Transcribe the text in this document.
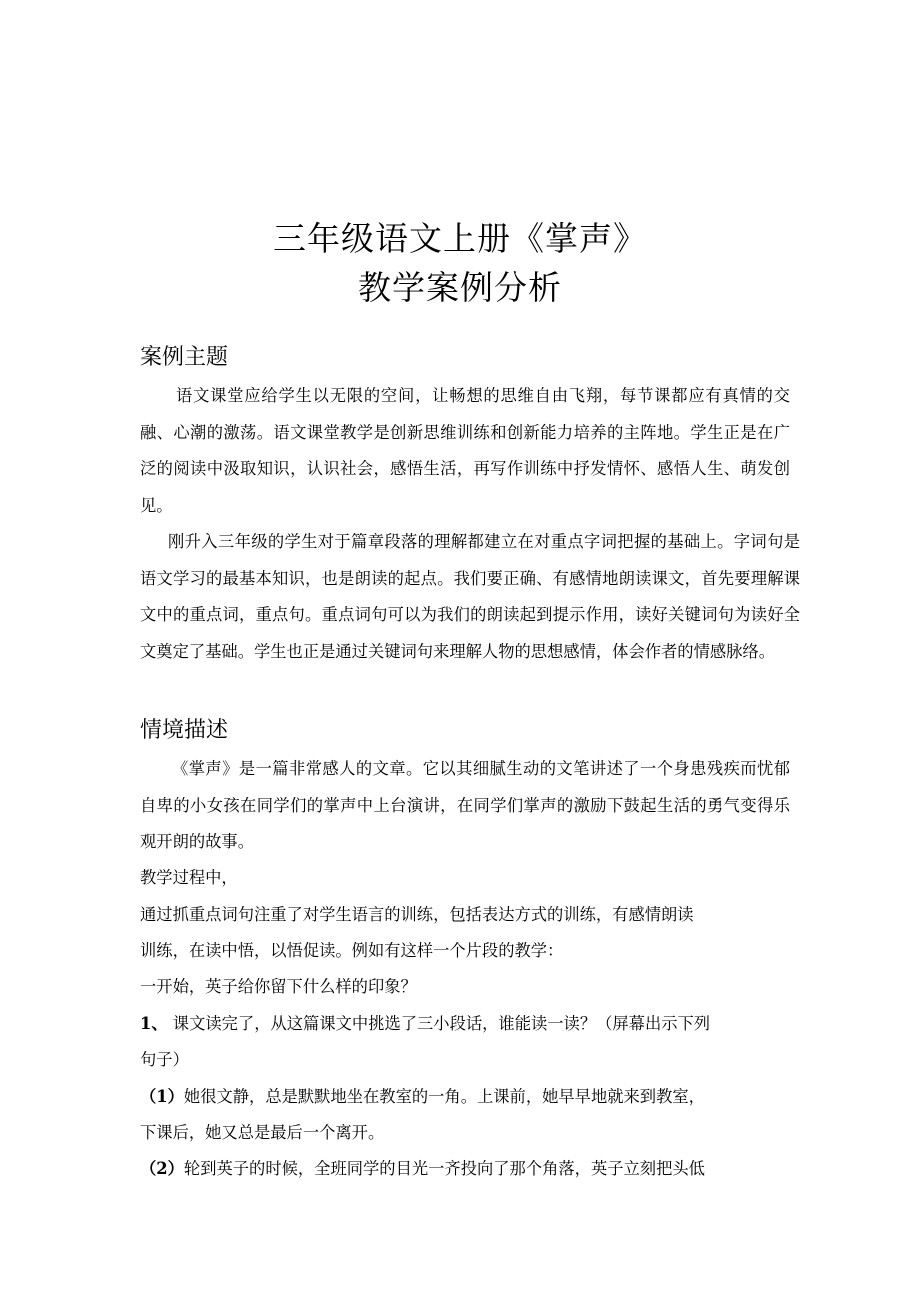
三年级语文上册《掌声》
教学案例分析
案例主题

语文课堂应给学生以无限的空间，让畅想的思维自由飞翔，每节课都应有真情的交融、心潮的激荡。语文课堂教学是创新思维训练和创新能力培养的主阵地。学生正是在广泛的阅读中汲取知识，认识社会，感悟生活，再写作训练中抒发情怀、感悟人生、萌发创见。

刚升入三年级的学生对于篇章段落的理解都建立在对重点字词把握的基础上。字词句是语文学习的最基本知识，也是朗读的起点。我们要正确、有感情地朗读课文，首先要理解课文中的重点词，重点句。重点词句可以为我们的朗读起到提示作用，读好关键词句为读好全文奠定了基础。学生也正是通过关键词句来理解人物的思想感情，体会作者的情感脉络。

情境描述

《掌声》是一篇非常感人的文章。它以其细腻生动的文笔讲述了一个身患残疾而忧郁自卑的小女孩在同学们的掌声中上台演讲，在同学们掌声的激励下鼓起生活的勇气变得乐观开朗的故事。

教学过程中，
通过抓重点词句注重了对学生语言的训练，包括表达方式的训练，有感情朗读
训练，在读中悟，以悟促读。例如有这样一个片段的教学：
一开始，英子给你留下什么样的印象？
1、 课文读完了，从这篇课文中挑选了三小段话，谁能读一读？（屏幕出示下列
句子）
（1）她很文静，总是默默地坐在教室的一角。上课前，她早早地就来到教室，
下课后，她又总是最后一个离开。
（2）轮到英子的时候，全班同学的目光一齐投向了那个角落，英子立刻把头低
